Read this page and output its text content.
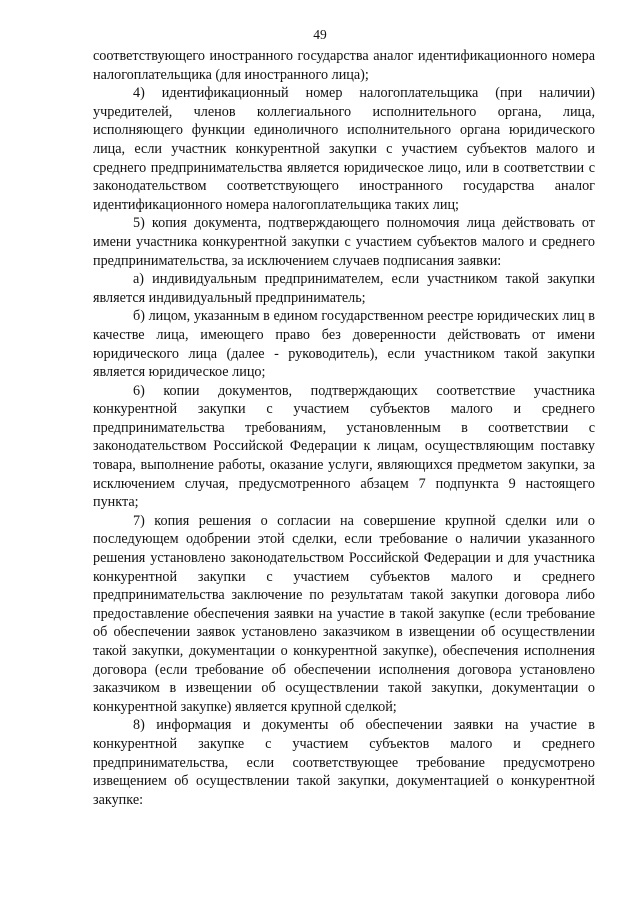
49

соответствующего иностранного государства аналог идентификационного номера налогоплательщика (для иностранного лица);

4) идентификационный номер налогоплательщика (при наличии) учредителей, членов коллегиального исполнительного органа, лица, исполняющего функции единоличного исполнительного органа юридического лица, если участник конкурентной закупки с участием субъектов малого и среднего предпринимательства является юридическое лицо, или в соответствии с законодательством соответствующего иностранного государства аналог идентификационного номера налогоплательщика таких лиц;

5) копия документа, подтверждающего полномочия лица действовать от имени участника конкурентной закупки с участием субъектов малого и среднего предпринимательства, за исключением случаев подписания заявки:

а) индивидуальным предпринимателем, если участником такой закупки является индивидуальный предприниматель;

б) лицом, указанным в едином государственном реестре юридических лиц в качестве лица, имеющего право без доверенности действовать от имени юридического лица (далее - руководитель), если участником такой закупки является юридическое лицо;

6) копии документов, подтверждающих соответствие участника конкурентной закупки с участием субъектов малого и среднего предпринимательства требованиям, установленным в соответствии с законодательством Российской Федерации к лицам, осуществляющим поставку товара, выполнение работы, оказание услуги, являющихся предметом закупки, за исключением случая, предусмотренного абзацем 7 подпункта 9 настоящего пункта;

7) копия решения о согласии на совершение крупной сделки или о последующем одобрении этой сделки, если требование о наличии указанного решения установлено законодательством Российской Федерации и для участника конкурентной закупки с участием субъектов малого и среднего предпринимательства заключение по результатам такой закупки договора либо предоставление обеспечения заявки на участие в такой закупке (если требование об обеспечении заявок установлено заказчиком в извещении об осуществлении такой закупки, документации о конкурентной закупке), обеспечения исполнения договора (если требование об обеспечении исполнения договора установлено заказчиком в извещении об осуществлении такой закупки, документации о конкурентной закупке) является крупной сделкой;

8) информация и документы об обеспечении заявки на участие в конкурентной закупке с участием субъектов малого и среднего предпринимательства, если соответствующее требование предусмотрено извещением об осуществлении такой закупки, документацией о конкурентной закупке:
